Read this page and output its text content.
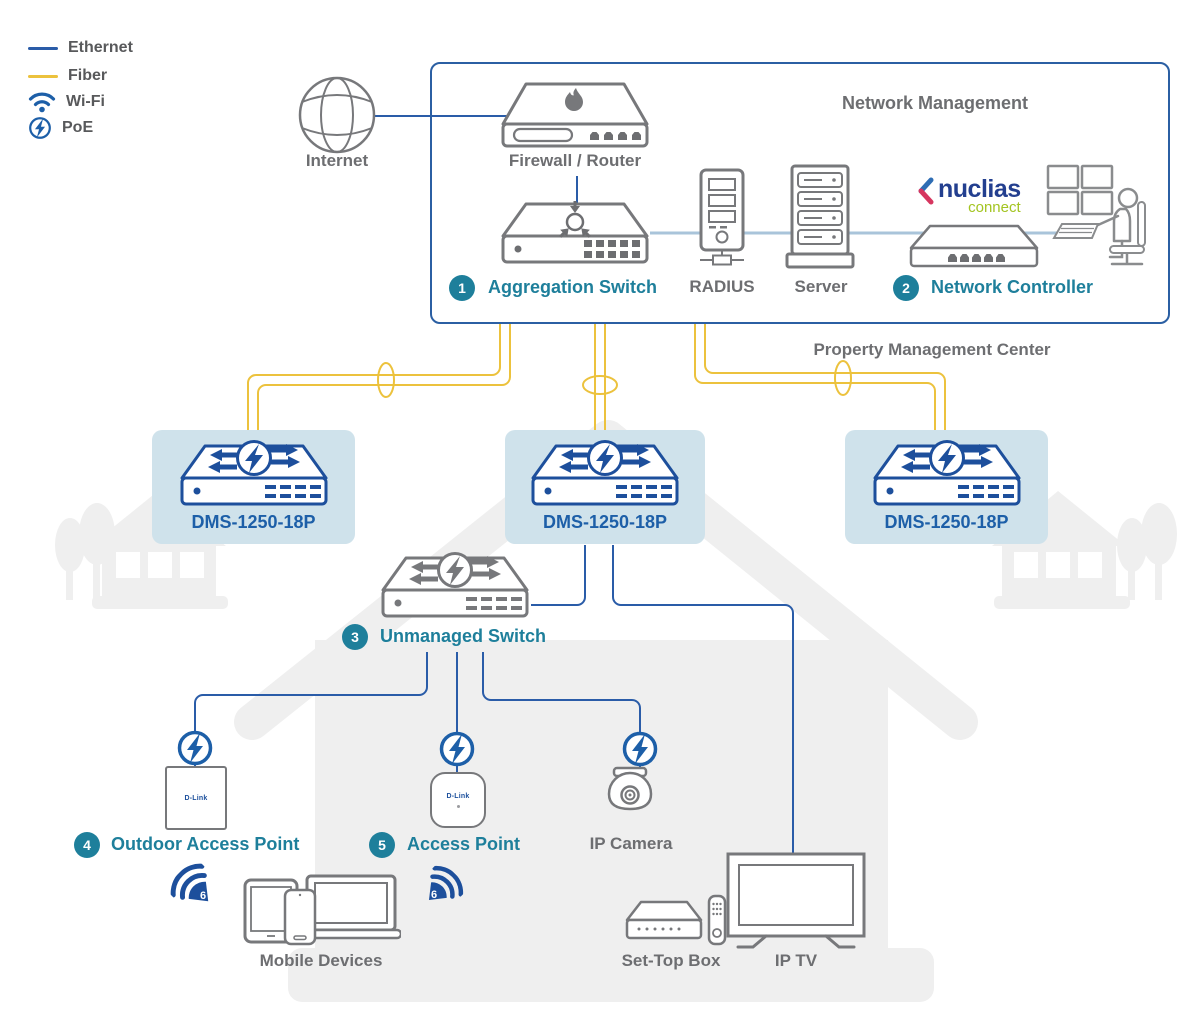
Ethernet
Fiber
Wi-Fi
PoE
Network Management
Internet	Firewall / Router
1	Aggregation Switch RADIUS Server
nuclias
connect
2	Network Controller
Property Management Center
DMS-1250-18P	DMS-1250-18P	DMS-1250-18P
3	Unmanaged Switch
D-Link
4	Outdoor Access Point
D-Link
5	Access Point	IP Camera
6	6
Mobile Devices	Set-Top Box	IP TV
